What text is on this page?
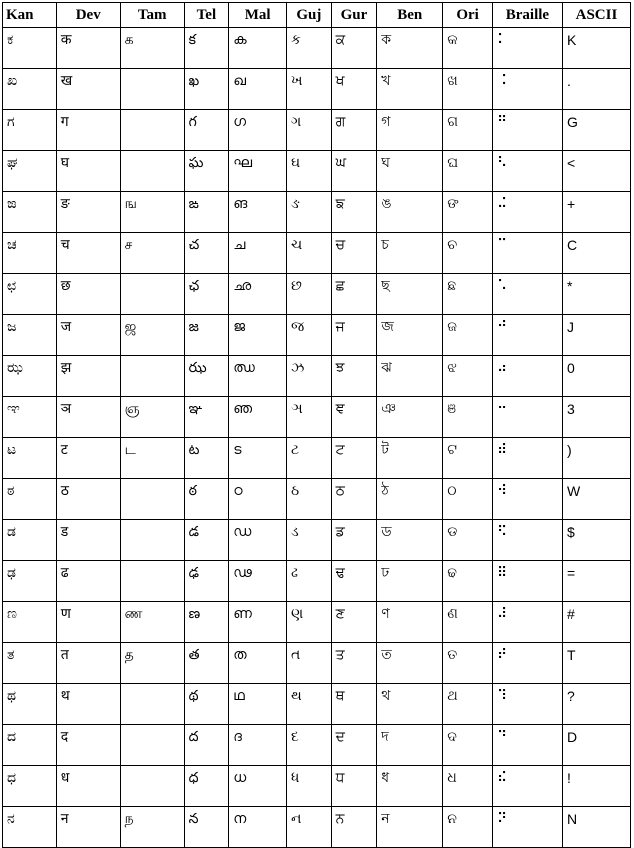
Kan	Dev	Tam	Tel	Mal	Guj	Gur	Ben	Ori	Braille	ASCII
ಕ	क	க	క	ക	ક	ਕ	ক	କ	⠅	K
ಖ	ख		ఖ	ഖ	ખ	ਖ	খ	ଖ	⠨	.
ಗ	ग		గ	ഗ	ગ	ਗ	গ	ଗ	⠛	G
ಘ	घ		ఘ	ഘ	ઘ	ਘ	ঘ	ଘ	⠣	<
ಙ	ङ	ங	ఙ	ങ	ઙ	ਙ	ঙ	ଙ	⠬	+
ಚ	च	ச	చ	ച	ચ	ਚ	চ	ଚ	⠉	C
ಛ	छ		ఛ	ഛ	છ	ਛ	ছ	ଛ	⠡	*
ಜ	ज	ஜ	జ	ജ	જ	ਜ	জ	ଜ	⠚	J
ಝ	झ		ఝ	ഝ	ઝ	ਝ	ঝ	ଝ	⠴	0
ಞ	ञ	ஞ	ఞ	ഞ	ઞ	ਞ	ঞ	ଞ	⠒	3
ಟ	ट	ட	ట	ട	ટ	ਟ	ট	ଟ	⠾	)
ಠ	ठ		ఠ	ഠ	ઠ	ਠ	ঠ	ଠ	⠺	W
ಡ	ड		డ	ഡ	ડ	ਡ	ড	ଡ	⠫	$
ಢ	ढ		ఢ	ഢ	ઢ	ਢ	ঢ	ଢ	⠿	=
ಣ	ण	ண	ణ	ണ	ણ	ਣ	ণ	ଣ	⠼	#
ತ	त	த	త	ത	ત	ਤ	ত	ତ	⠞	T
ಥ	थ		థ	ഥ	થ	ਥ	থ	ଥ	⠹	?
ದ	द		ద	ദ	દ	ਦ	দ	ଦ	⠙	D
ಧ	ध		ధ	ധ	ધ	ਧ	ধ	ଧ	⠮	!
ನ	न	ந	న	ന	ન	ਨ	ন	ନ	⠝	N
